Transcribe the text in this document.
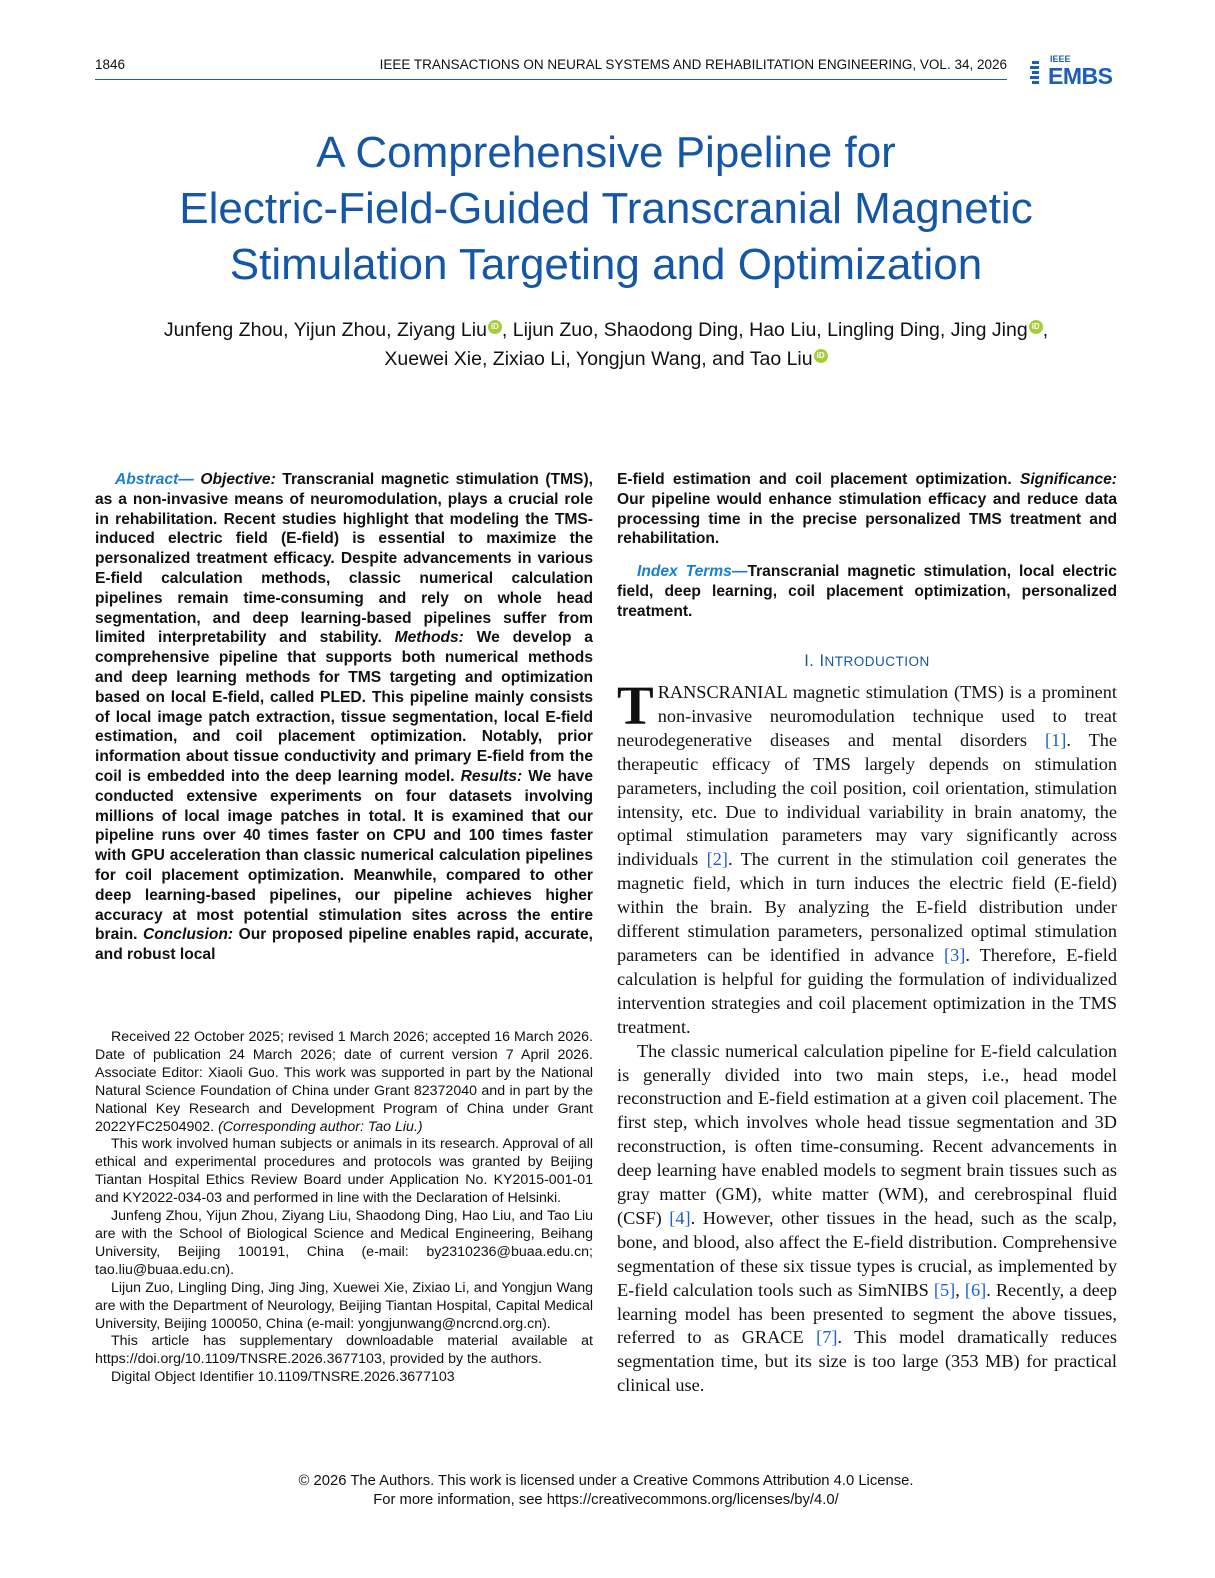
1846	IEEE TRANSACTIONS ON NEURAL SYSTEMS AND REHABILITATION ENGINEERING, VOL. 34, 2026	IEEE
EMBS
A Comprehensive Pipeline for
Electric-Field-Guided Transcranial Magnetic
Stimulation Targeting and Optimization
Junfeng Zhou, Yijun Zhou, Ziyang Liu iD , Lijun Zuo, Shaodong Ding, Hao Liu, Lingling Ding, Jing Jing iD ,
Xuewei Xie, Zixiao Li, Yongjun Wang, and Tao Liu iD

Abstract— Objective: Transcranial magnetic stimulation (TMS), as a non-invasive means of neuromodulation, plays a crucial role in rehabilitation. Recent studies highlight that modeling the TMS-induced electric field (E-field) is essential to maximize the personalized treatment efficacy. Despite advancements in various E-field calculation methods, classic numerical calculation pipelines remain time-consuming and rely on whole head segmentation, and deep learning-based pipelines suffer from limited interpretability and stability. Methods: We develop a comprehensive pipeline that supports both numerical methods and deep learning methods for TMS targeting and optimization based on local E-field, called PLED. This pipeline mainly consists of local image patch extraction, tissue segmentation, local E-field estimation, and coil placement optimization. Notably, prior information about tissue conductivity and primary E-field from the coil is embedded into the deep learning model. Results: We have conducted extensive experiments on four datasets involving millions of local image patches in total. It is examined that our pipeline runs over 40 times faster on CPU and 100 times faster with GPU acceleration than classic numerical calculation pipelines for coil placement optimization. Meanwhile, compared to other deep learning-based pipelines, our pipeline achieves higher accuracy at most potential stimulation sites across the entire brain. Conclusion: Our proposed pipeline enables rapid, accurate, and robust local

E-field estimation and coil placement optimization. Significance: Our pipeline would enhance stimulation efficacy and reduce data processing time in the precise personalized TMS treatment and rehabilitation.

Index Terms—Transcranial magnetic stimulation, local electric field, deep learning, coil placement optimization, personalized treatment.

Received 22 October 2025; revised 1 March 2026; accepted 16 March 2026. Date of publication 24 March 2026; date of current version 7 April 2026. Associate Editor: Xiaoli Guo. This work was supported in part by the National Natural Science Foundation of China under Grant 82372040 and in part by the National Key Research and Development Program of China under Grant 2022YFC2504902. (Corresponding author: Tao Liu.)

This work involved human subjects or animals in its research. Approval of all ethical and experimental procedures and protocols was granted by Beijing Tiantan Hospital Ethics Review Board under Application No. KY2015-001-01 and KY2022-034-03 and performed in line with the Declaration of Helsinki.

Junfeng Zhou, Yijun Zhou, Ziyang Liu, Shaodong Ding, Hao Liu, and Tao Liu are with the School of Biological Science and Medical Engineering, Beihang University, Beijing 100191, China (e-mail: by2310236@buaa.edu.cn; tao.liu@buaa.edu.cn).

Lijun Zuo, Lingling Ding, Jing Jing, Xuewei Xie, Zixiao Li, and Yongjun Wang are with the Department of Neurology, Beijing Tiantan Hospital, Capital Medical University, Beijing 100050, China (e-mail: yongjunwang@ncrcnd.org.cn).

This article has supplementary downloadable material available at https://doi.org/10.1109/TNSRE.2026.3677103, provided by the authors.

Digital Object Identifier 10.1109/TNSRE.2026.3677103

I. INTRODUCTION

TRANSCRANIAL magnetic stimulation (TMS) is a prominent non-invasive neuromodulation technique used to treat neurodegenerative diseases and mental disorders [1]. The therapeutic efficacy of TMS largely depends on stimulation parameters, including the coil position, coil orientation, stimulation intensity, etc. Due to individual variability in brain anatomy, the optimal stimulation parameters may vary significantly across individuals [2]. The current in the stimulation coil generates the magnetic field, which in turn induces the electric field (E-field) within the brain. By analyzing the E-field distribution under different stimulation parameters, personalized optimal stimulation parameters can be identified in advance [3]. Therefore, E-field calculation is helpful for guiding the formulation of individualized intervention strategies and coil placement optimization in the TMS treatment.

The classic numerical calculation pipeline for E-field calculation is generally divided into two main steps, i.e., head model reconstruction and E-field estimation at a given coil placement. The first step, which involves whole head tissue segmentation and 3D reconstruction, is often time-consuming. Recent advancements in deep learning have enabled models to segment brain tissues such as gray matter (GM), white matter (WM), and cerebrospinal fluid (CSF) [4]. However, other tissues in the head, such as the scalp, bone, and blood, also affect the E-field distribution. Comprehensive segmentation of these six tissue types is crucial, as implemented by E-field calculation tools such as SimNIBS [5], [6]. Recently, a deep learning model has been presented to segment the above tissues, referred to as GRACE [7]. This model dramatically reduces segmentation time, but its size is too large (353 MB) for practical clinical use.

© 2026 The Authors. This work is licensed under a Creative Commons Attribution 4.0 License.
For more information, see https://creativecommons.org/licenses/by/4.0/
